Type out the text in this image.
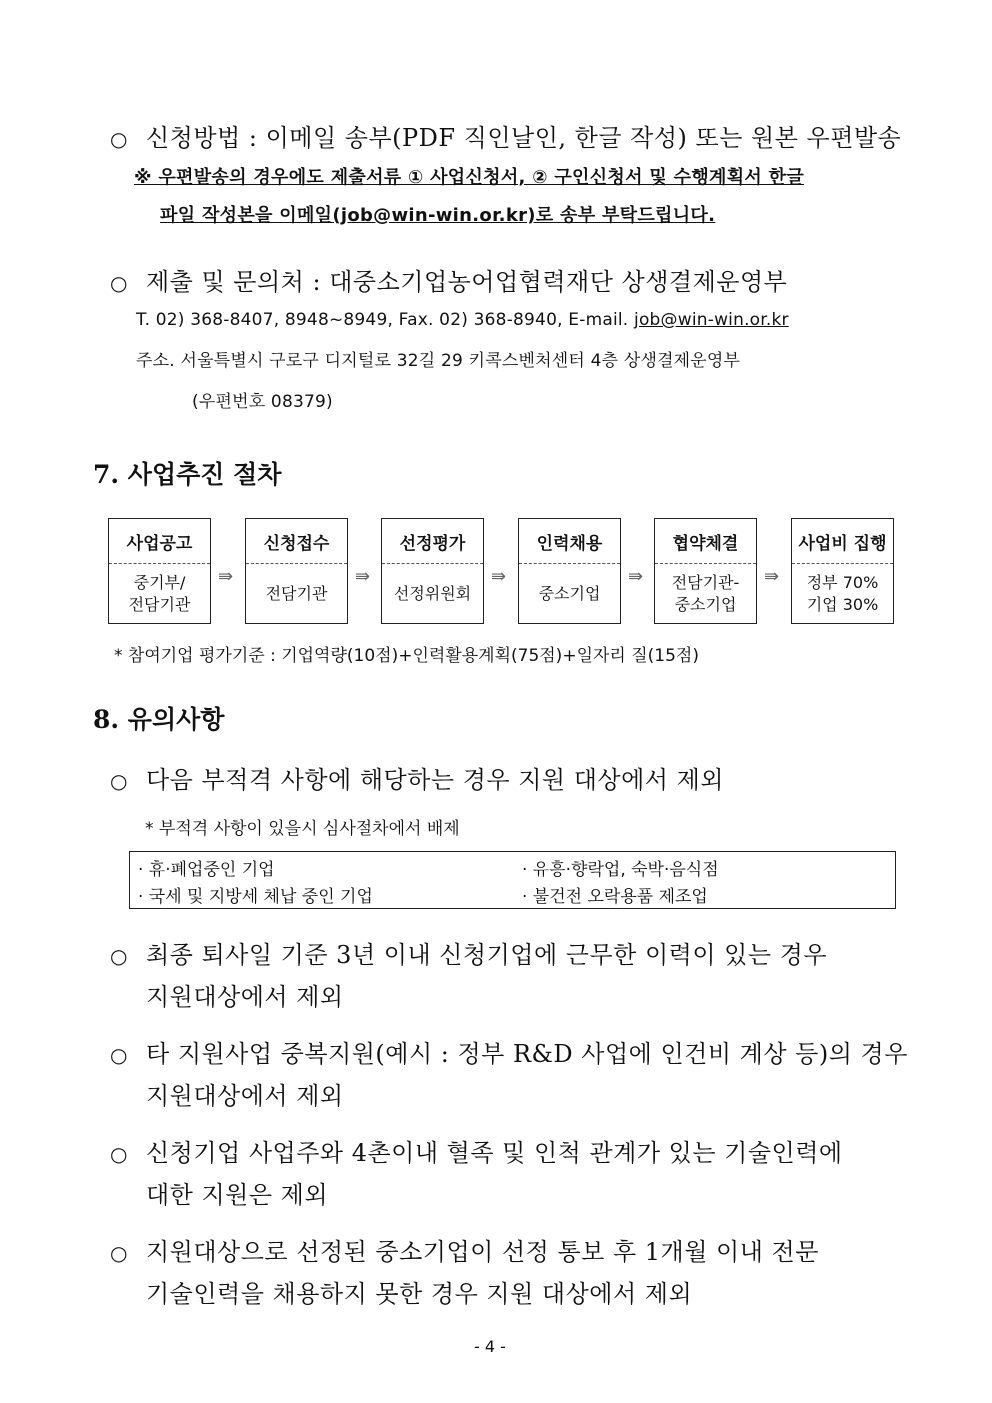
○ 신청방법 : 이메일 송부(PDF 직인날인, 한글 작성) 또는 원본 우편발송
※ 우편발송의 경우에도 제출서류 ① 사업신청서, ② 구인신청서 및 수행계획서 한글
파일 작성본을 이메일(job@win-win.or.kr)로 송부 부탁드립니다.
○ 제출 및 문의처 : 대중소기업농어업협력재단 상생결제운영부
T. 02) 368-8407, 8948~8949, Fax. 02) 368-8940, E-mail. job@win-win.or.kr
주소. 서울특별시 구로구 디지털로 32길 29 키콕스벤처센터 4층 상생결제운영부
(우편번호 08379)
7. 사업추진 절차
사업공고
중기부/
전담기관
⇛
신청접수
전담기관
⇛
선정평가
선정위원회
⇛
인력채용
중소기업
⇛
협약체결
전담기관-
중소기업
⇛
사업비 집행
정부 70%
기업 30%
* 참여기업 평가기준 : 기업역량(10점)+인력활용계획(75점)+일자리 질(15점)
8. 유의사항
○ 다음 부적격 사항에 해당하는 경우 지원 대상에서 제외
* 부적격 사항이 있을시 심사절차에서 배제
· 휴·폐업중인 기업	· 유흥·향락업, 숙박·음식점
· 국세 및 지방세 체납 중인 기업	· 불건전 오락용품 제조업
○ 최종 퇴사일 기준 3년 이내 신청기업에 근무한 이력이 있는 경우
지원대상에서 제외
○ 타 지원사업 중복지원(예시 : 정부 R&D 사업에 인건비 계상 등)의 경우
지원대상에서 제외
○ 신청기업 사업주와 4촌이내 혈족 및 인척 관계가 있는 기술인력에
대한 지원은 제외
○ 지원대상으로 선정된 중소기업이 선정 통보 후 1개월 이내 전문
기술인력을 채용하지 못한 경우 지원 대상에서 제외
- 4 -
